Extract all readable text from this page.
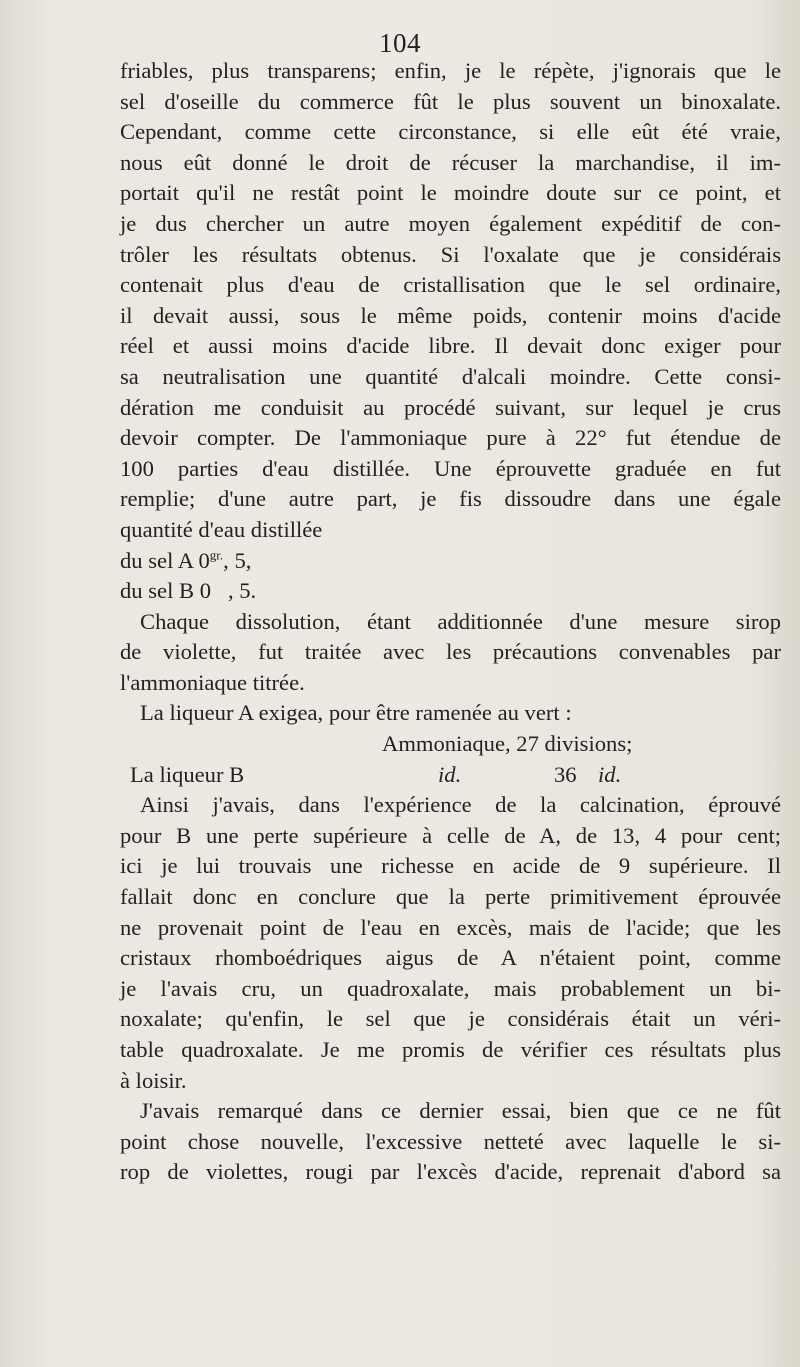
104
friables, plus transparens; enfin, je le répète, j'ignorais que le
sel d'oseille du commerce fût le plus souvent un binoxalate.
Cependant, comme cette circonstance, si elle eût été vraie,
nous eût donné le droit de récuser la marchandise, il im-
portait qu'il ne restât point le moindre doute sur ce point, et
je dus chercher un autre moyen également expéditif de con-
trôler les résultats obtenus. Si l'oxalate que je considérais
contenait plus d'eau de cristallisation que le sel ordinaire,
il devait aussi, sous le même poids, contenir moins d'acide
réel et aussi moins d'acide libre. Il devait donc exiger pour
sa neutralisation une quantité d'alcali moindre. Cette consi-
dération me conduisit au procédé suivant, sur lequel je crus
devoir compter. De l'ammoniaque pure à 22° fut étendue de
100 parties d'eau distillée. Une éprouvette graduée en fut
remplie; d'une autre part, je fis dissoudre dans une égale
quantité d'eau distillée
du sel A $0^{gr.}$, 5,
du sel B 0   , 5.
Chaque dissolution, étant additionnée d'une mesure sirop
de violette, fut traitée avec les précautions convenables par
l'ammoniaque titrée.
La liqueur A exigea, pour être ramenée au vert :
Ammoniaque, 27 divisions;
La liqueur B	id.	36 id.
Ainsi j'avais, dans l'expérience de la calcination, éprouvé
pour B une perte supérieure à celle de A, de 13, 4 pour cent;
ici je lui trouvais une richesse en acide de 9 supérieure. Il
fallait donc en conclure que la perte primitivement éprouvée
ne provenait point de l'eau en excès, mais de l'acide; que les
cristaux rhomboédriques aigus de A n'étaient point, comme
je l'avais cru, un quadroxalate, mais probablement un bi-
noxalate; qu'enfin, le sel que je considérais était un véri-
table quadroxalate. Je me promis de vérifier ces résultats plus
à loisir.
J'avais remarqué dans ce dernier essai, bien que ce ne fût
point chose nouvelle, l'excessive netteté avec laquelle le si-
rop de violettes, rougi par l'excès d'acide, reprenait d'abord sa
